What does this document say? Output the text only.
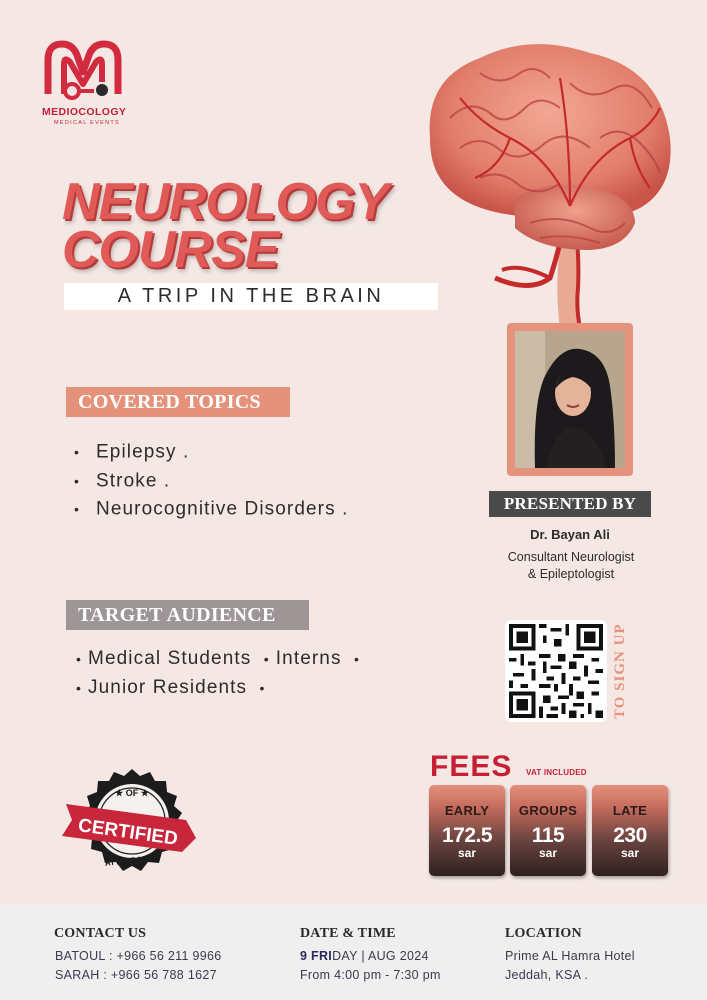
MEDIOCOLOGY
MEDICAL EVENTS
NEUROLOGY
COURSE
A TRIP IN THE BRAIN
COVERED TOPICS
• Epilepsy .
• Stroke .
• Neurocognitive Disorders .
TARGET AUDIENCE
• Medical Students • Interns •
• Junior Residents •
PRESENTED BY
Dr. Bayan Ali
Consultant Neurologist
& Epileptologist
TO SIGN UP
★ OF ★
CERTIFIED
ATTENDANCE
FEES VAT INCLUDED
EARLY
172.5
sar
GROUPS
115
sar
LATE
230
sar
CONTACT US
BATOUL : +966 56 211 9966
SARAH : +966 56 788 1627
DATE & TIME
9 FRIDAY | AUG 2024
From 4:00 pm - 7:30 pm
LOCATION
Prime AL Hamra Hotel
Jeddah, KSA .
